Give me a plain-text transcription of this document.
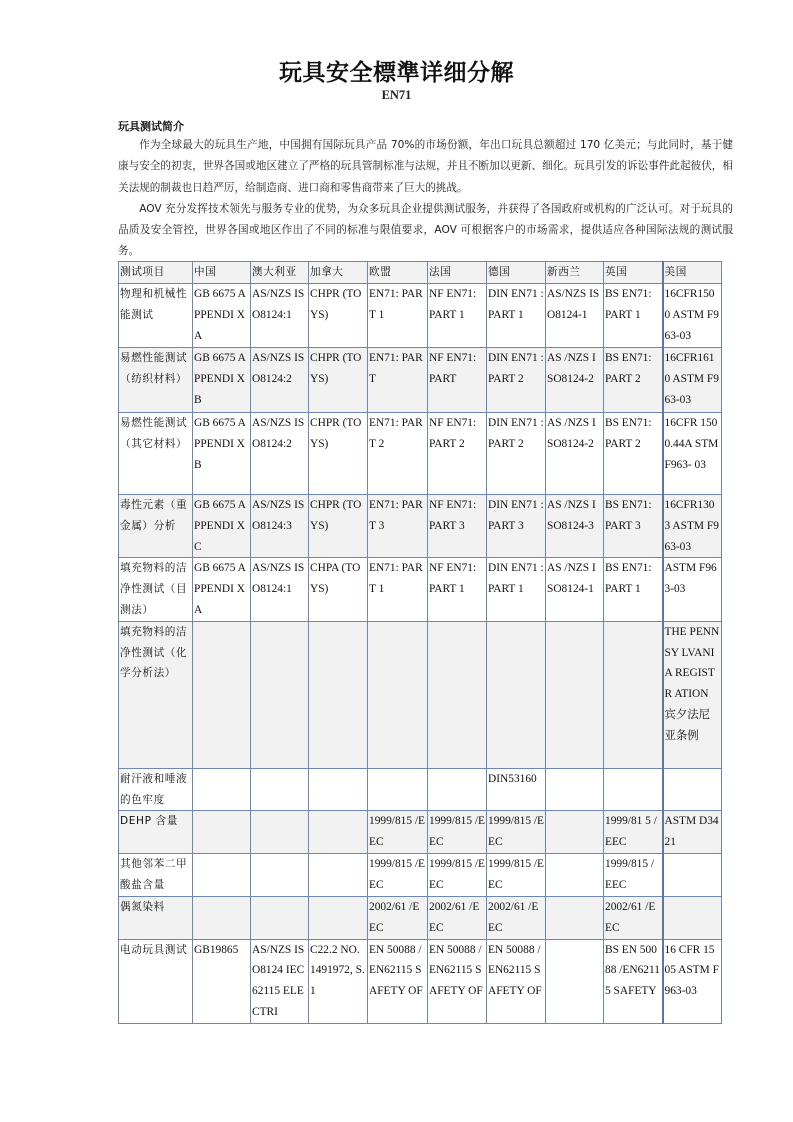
玩具安全標準详细分解
EN71
玩具测试简介

作为全球最大的玩具生产地，中国拥有国际玩具产品 70%的市场份额，年出口玩具总额超过 170 亿美元；与此同时，基于健康与安全的初衷，世界各国或地区建立了严格的玩具管制标准与法规，并且不断加以更新、细化。玩具引发的诉讼事件此起彼伏，相关法规的制裁也日趋严厉，给制造商、进口商和零售商带来了巨大的挑战。

AOV 充分发挥技术领先与服务专业的优势，为众多玩具企业提供测试服务，并获得了各国政府或机构的广泛认可。对于玩具的品质及安全管控，世界各国或地区作出了不同的标准与限值要求，AOV 可根据客户的市场需求，提供适应各种国际法规的测试服务。

测试项目	中国	澳大利亚	加拿大	欧盟	法国	德国	新西兰	英国	美国
物理和机械性能测试	GB 6675 APPENDI XA	AS/NZS ISO8124:1	CHPR (TOYS)	EN71: PART 1	NF EN71: PART 1	DIN EN71 :PART 1	AS/NZS ISO8124-1	BS EN71: PART 1	16CFR150 0 ASTM F963-03
易燃性能测试（纺织材料）	GB 6675 APPENDI XB	AS/NZS ISO8124:2	CHPR (TOYS)	EN71: PART	NF EN71: PART	DIN EN71 :PART 2	AS /NZS ISO8124-2	BS EN71: PART 2	16CFR161 0 ASTM F963-03
易燃性能测试（其它材料）	GB 6675 APPENDI XB	AS/NZS ISO8124:2	CHPR (TOYS)	EN71: PART 2	NF EN71: PART 2	DIN EN71 :PART 2	AS /NZS ISO8124-2	BS EN71: PART 2	16CFR 1500.44A STMF963- 03
毒性元素（重金属）分析	GB 6675 APPENDI XC	AS/NZS ISO8124:3	CHPR (TOYS)	EN71: PART 3	NF EN71: PART 3	DIN EN71 :PART 3	AS /NZS ISO8124-3	BS EN71: PART 3	16CFR130 3 ASTM F963-03
填充物料的洁净性测试（目测法）	GB 6675 APPENDI XA	AS/NZS ISO8124:1	CHPA (TOYS)	EN71: PART 1	NF EN71: PART 1	DIN EN71 :PART 1	AS /NZS ISO8124-1	BS EN71: PART 1	ASTM F963-03
填充物料的洁净性测试（化学分析法）									THE PENNSY LVANIA REGISTR ATION 宾夕法尼亚条例
耐汗液和唾液的色牢度						DIN53160			
DEHP 含量				1999/815 /EEC	1999/815 /EEC	1999/815 /EEC		1999/81 5 /EEC	ASTM D3421
其他邻苯二甲酸盐含量				1999/815 /EEC	1999/815 /EEC	1999/815 /EEC		1999/815 /EEC	
偶氮染料				2002/61 /EEC	2002/61 /EEC	2002/61 /EEC		2002/61 /EEC	
电动玩具测试	GB19865	AS/NZS ISO8124 IEC 62115 ELECTRI	C22.2 NO. 1491972, S.1	EN 50088 /EN62115 SAFETY OF	EN 50088 /EN62115 SAFETY OF	EN 50088 /EN62115 SAFETY OF		BS EN 50088 /EN62115 SAFETY	16 CFR 1505 ASTM F963-03
